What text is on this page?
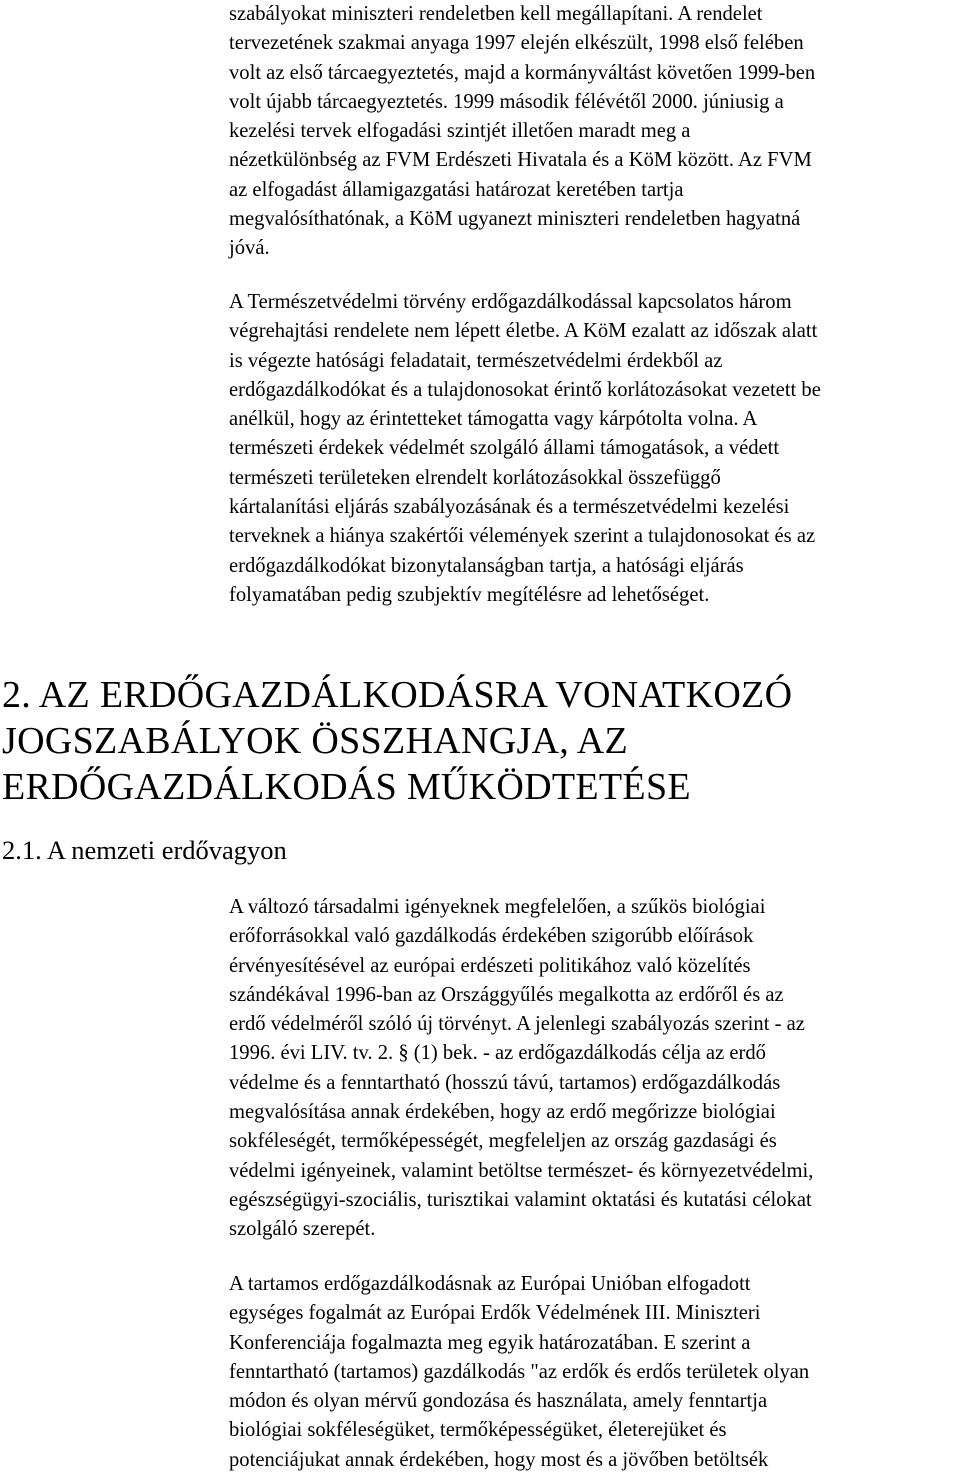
szabályokat miniszteri rendeletben kell megállapítani. A rendelet
tervezetének szakmai anyaga 1997 elején elkészült, 1998 első felében
volt az első tárcaegyeztetés, majd a kormányváltást követően 1999-ben
volt újabb tárcaegyeztetés. 1999 második félévétől 2000. júniusig a
kezelési tervek elfogadási szintjét illetően maradt meg a
nézetkülönbség az FVM Erdészeti Hivatala és a KöM között. Az FVM
az elfogadást államigazgatási határozat keretében tartja
megvalósíthatónak, a KöM ugyanezt miniszteri rendeletben hagyatná
jóvá.
A Természetvédelmi törvény erdőgazdálkodással kapcsolatos három
végrehajtási rendelete nem lépett életbe. A KöM ezalatt az időszak alatt
is végezte hatósági feladatait, természetvédelmi érdekből az
erdőgazdálkodókat és a tulajdonosokat érintő korlátozásokat vezetett be
anélkül, hogy az érintetteket támogatta vagy kárpótolta volna. A
természeti érdekek védelmét szolgáló állami támogatások, a védett
természeti területeken elrendelt korlátozásokkal összefüggő
kártalanítási eljárás szabályozásának és a természetvédelmi kezelési
terveknek a hiánya szakértői vélemények szerint a tulajdonosokat és az
erdőgazdálkodókat bizonytalanságban tartja, a hatósági eljárás
folyamatában pedig szubjektív megítélésre ad lehetőséget.
2. AZ ERDŐGAZDÁLKODÁSRA VONATKOZÓ
JOGSZABÁLYOK ÖSSZHANGJA, AZ
ERDŐGAZDÁLKODÁS MŰKÖDTETÉSE
2.1. A nemzeti erdővagyon
A változó társadalmi igényeknek megfelelően, a szűkös biológiai
erőforrásokkal való gazdálkodás érdekében szigorúbb előírások
érvényesítésével az európai erdészeti politikához való közelítés
szándékával 1996-ban az Országgyűlés megalkotta az erdőről és az
erdő védelméről szóló új törvényt. A jelenlegi szabályozás szerint - az
1996. évi LIV. tv. 2. § (1) bek. - az erdőgazdálkodás célja az erdő
védelme és a fenntartható (hosszú távú, tartamos) erdőgazdálkodás
megvalósítása annak érdekében, hogy az erdő megőrizze biológiai
sokféleségét, termőképességét, megfeleljen az ország gazdasági és
védelmi igényeinek, valamint betöltse természet- és környezetvédelmi,
egészségügyi-szociális, turisztikai valamint oktatási és kutatási célokat
szolgáló szerepét.
A tartamos erdőgazdálkodásnak az Európai Unióban elfogadott
egységes fogalmát az Európai Erdők Védelmének III. Miniszteri
Konferenciája fogalmazta meg egyik határozatában. E szerint a
fenntartható (tartamos) gazdálkodás "az erdők és erdős területek olyan
módon és olyan mérvű gondozása és használata, amely fenntartja
biológiai sokféleségüket, termőképességüket, életerejüket és
potenciájukat annak érdekében, hogy most és a jövőben betöltsék
